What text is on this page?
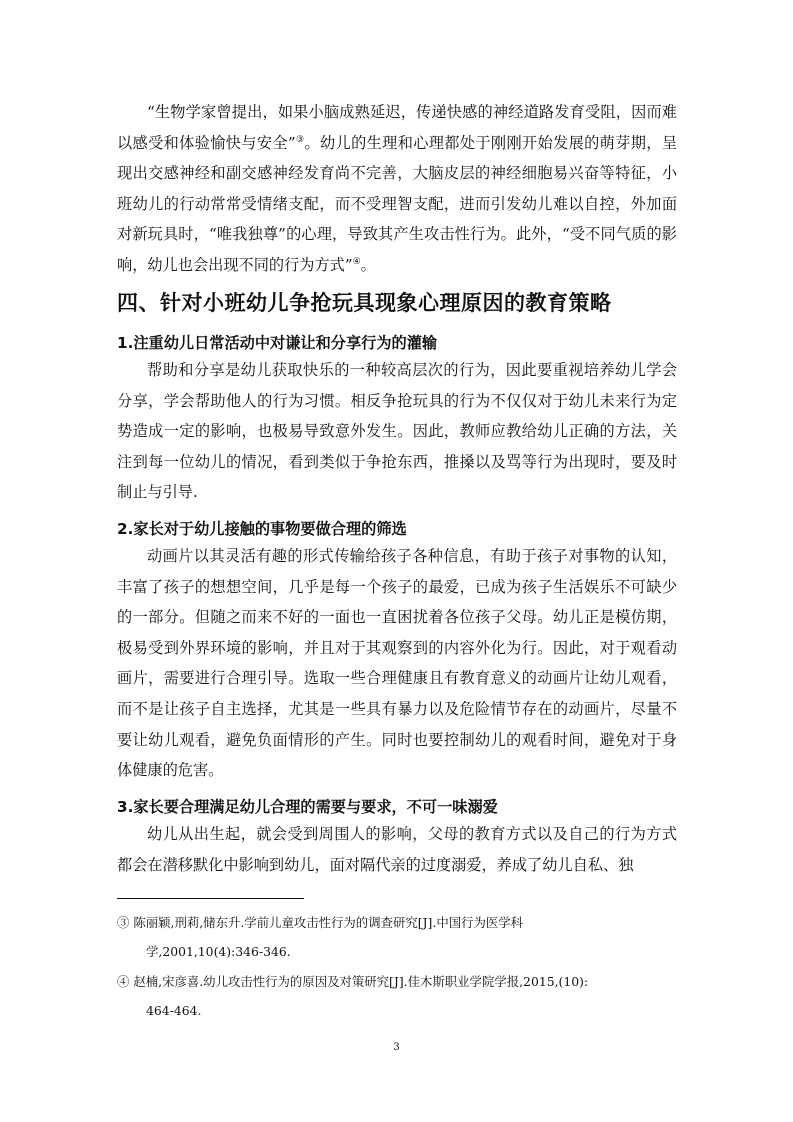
“生物学家曾提出，如果小脑成熟延迟，传递快感的神经道路发育受阻，因而难以感受和体验愉快与安全”③。幼儿的生理和心理都处于刚刚开始发展的萌芽期，呈现出交感神经和副交感神经发育尚不完善，大脑皮层的神经细胞易兴奋等特征，小班幼儿的行动常常受情绪支配，而不受理智支配，进而引发幼儿难以自控，外加面对新玩具时，“唯我独尊”的心理，导致其产生攻击性行为。此外，“受不同气质的影响，幼儿也会出现不同的行为方式”④。

四、针对小班幼儿争抢玩具现象心理原因的教育策略
1.注重幼儿日常活动中对谦让和分享行为的灌输

帮助和分享是幼儿获取快乐的一种较高层次的行为，因此要重视培养幼儿学会分享，学会帮助他人的行为习惯。相反争抢玩具的行为不仅仅对于幼儿未来行为定势造成一定的影响，也极易导致意外发生。因此，教师应教给幼儿正确的方法，关注到每一位幼儿的情况，看到类似于争抢东西，推搡以及骂等行为出现时，要及时制止与引导.

2.家长对于幼儿接触的事物要做合理的筛选

动画片以其灵活有趣的形式传输给孩子各种信息，有助于孩子对事物的认知，丰富了孩子的想想空间，几乎是每一个孩子的最爱，已成为孩子生活娱乐不可缺少的一部分。但随之而来不好的一面也一直困扰着各位孩子父母。幼儿正是模仿期，极易受到外界环境的影响，并且对于其观察到的内容外化为行。因此，对于观看动画片，需要进行合理引导。选取一些合理健康且有教育意义的动画片让幼儿观看，而不是让孩子自主选择，尤其是一些具有暴力以及危险情节存在的动画片，尽量不要让幼儿观看，避免负面情形的产生。同时也要控制幼儿的观看时间，避免对于身体健康的危害。

3.家长要合理满足幼儿合理的需要与要求，不可一味溺爱

幼儿从出生起，就会受到周围人的影响，父母的教育方式以及自己的行为方式都会在潜移默化中影响到幼儿，面对隔代亲的过度溺爱，养成了幼儿自私、独

③ 陈丽颖,刑莉,储东升.学前儿童攻击性行为的调查研究[J].中国行为医学科
学,2001,10(4):346-346.

④ 赵楠,宋彦喜.幼儿攻击性行为的原因及对策研究[J].佳木斯职业学院学报,2015,(10):
464-464.

3
